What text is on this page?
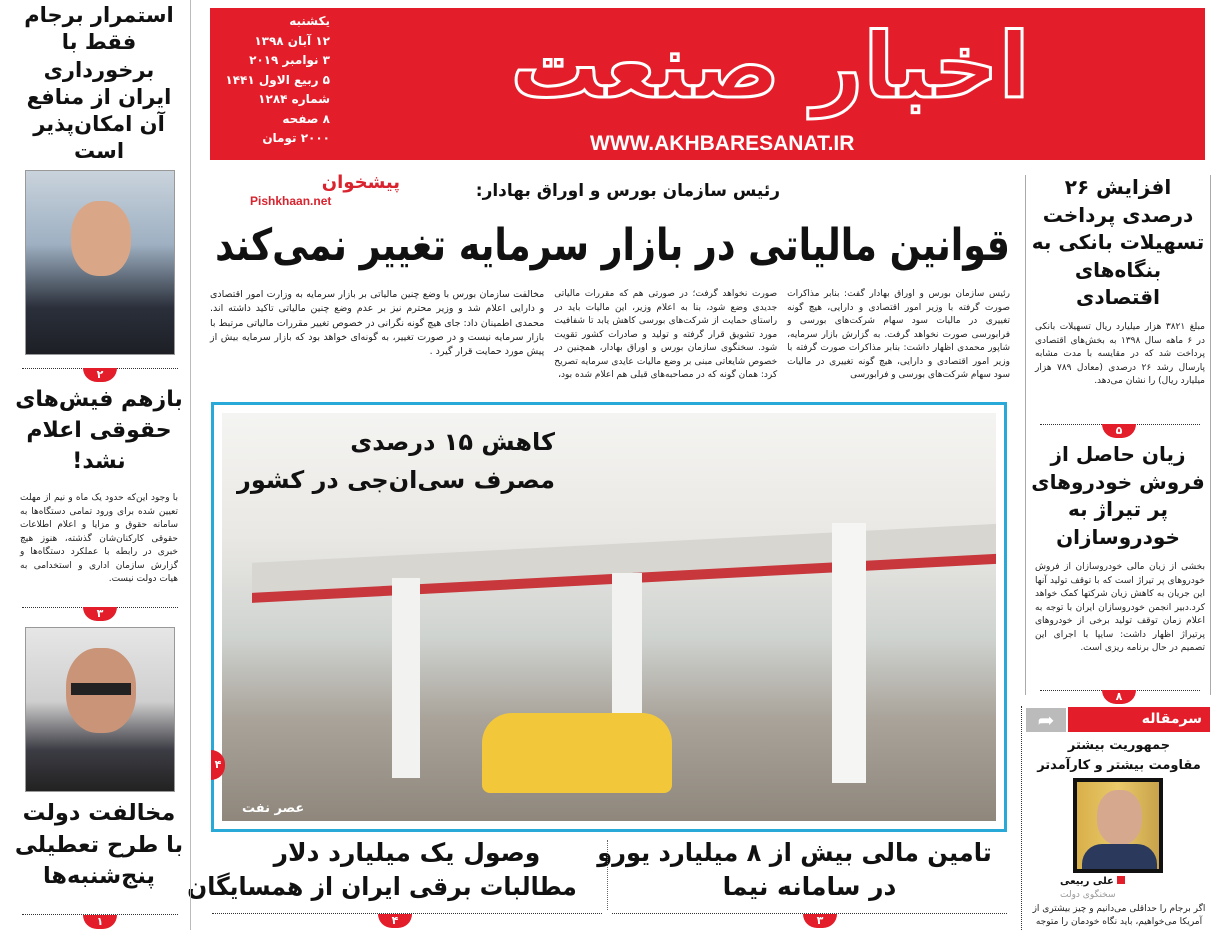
یکشنبه
۱۲ آبان ۱۳۹۸
۳ نوامبر ۲۰۱۹
۵ ربیع الاول ۱۴۴۱
شماره ۱۲۸۴
۸ صفحه
۲۰۰۰ تومان
اخبار صنعت
WWW.AKHBARESANAT.IR
رئیس سازمان بورس و اوراق بهادار:
پیشخوان
Pishkhaan.net
قوانین مالیاتی در بازار سرمایه تغییر نمی‌کند

رئیس سازمان بورس و اوراق بهادار گفت: بنابر مذاکرات صورت گرفته با وزیر امور اقتصادی و دارایی، هیچ گونه تغییری در مالیات سود سهام شرکت‌های بورسی و فرابورسی صورت نخواهد گرفت. به گزارش بازار سرمایه، شاپور محمدی اظهار داشت: بنابر مذاکرات صورت گرفته با وزیر امور اقتصادی و دارایی، هیچ گونه تغییری در مالیات سود سهام شرکت‌های بورسی و فرابورسی

صورت نخواهد گرفت؛ در صورتی هم که مقررات مالیاتی جدیدی وضع شود، بنا به اعلام وزیر، این مالیات باید در راستای حمایت از شرکت‌های بورسی کاهش یابد تا شفافیت مورد تشویق قرار گرفته و تولید و صادرات کشور تقویت شود. سخنگوی سازمان بورس و اوراق بهادار، همچنین در خصوص شایعاتی مبنی بر وضع مالیات عایدی سرمایه تصریح کرد: همان گونه که در مصاحبه‌های قبلی هم اعلام شده بود،

مخالفت سازمان بورس با وضع چنین مالیاتی بر بازار سرمایه به وزارت امور اقتصادی و دارایی اعلام شد و وزیر محترم نیز بر عدم وضع چنین مالیاتی تاکید داشته اند. محمدی اطمینان داد: جای هیچ گونه نگرانی در خصوص تغییر مقررات مالیاتی مرتبط با بازار سرمایه نیست و در صورت تغییر، به گونه‌ای خواهد بود که بازار سرمایه بیش از پیش مورد حمایت قرار گیرد .

عصر نفت
کاهش ۱۵ درصدی
مصرف سی‌ان‌جی در کشور
۴
تامین مالی بیش از ۸ میلیارد یورو
در سامانه نیما
۳
وصول یک میلیارد دلار
مطالبات برقی ایران از همسایگان
۴
استمرار برجام فقط با برخورداری ایران از منافع آن امکان‌پذیر است
۲
بازهم فیش‌های حقوقی اعلام نشد!

با وجود این‌که حدود یک ماه و نیم از مهلت تعیین شده برای ورود تمامی دستگاه‌ها به سامانه حقوق و مزایا و اعلام اطلاعات حقوقی کارکنان‌شان گذشته، هنوز هیچ خبری در رابطه با عملکرد دستگاه‌ها و گزارش سازمان اداری و استخدامی به هیات دولت نیست.

۳
مخالفت دولت با طرح تعطیلی پنج‌شنبه‌ها
۱
افزایش ۲۶ درصدی پرداخت تسهیلات بانکی به بنگاه‌های اقتصادی

مبلغ ۳۸۲۱ هزار میلیارد ریال تسهیلات بانکی در ۶ ماهه سال ۱۳۹۸ به بخش‌های اقتصادی پرداخت شد که در مقایسه با مدت مشابه پارسال رشد ۲۶ درصدی (معادل ۷۸۹ هزار میلیارد ریال) را نشان می‌دهد.

۵
زیان حاصل از فروش خودروهای پر تیراژ به خودروسازان

بخشی از زیان مالی خودروسازان از فروش خودروهای پر تیراژ است که با توقف تولید آنها این جریان به کاهش زیان شرکتها کمک خواهد کرد.دبیر انجمن خودروسازان ایران با توجه به اعلام زمان توقف تولید برخی از خودروهای پرتیراژ اظهار داشت: سایپا با اجرای این تصمیم در حال برنامه ریزی است.

۸
➦	سرمقاله
جمهوریت بیشتر
مقاومت بیشتر و کارآمدتر
علی ربیعی
سخنگوی دولت

اگر برجام را حداقلی می‌دانیم و چیز بیشتری از آمریکا می‌خواهیم، باید نگاه خودمان را متوجه
